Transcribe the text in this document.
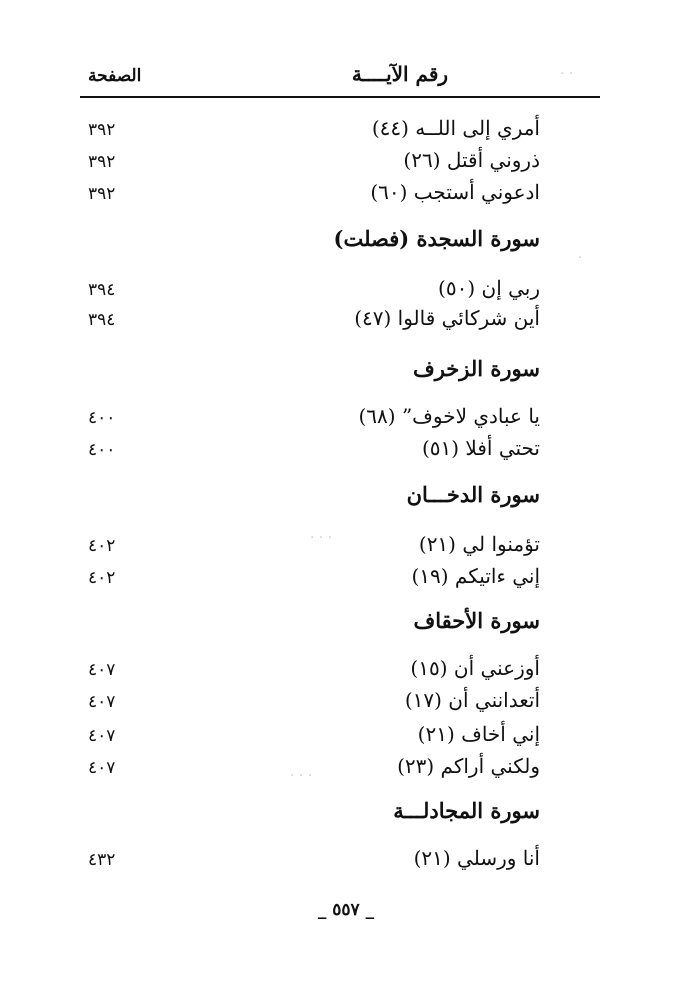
الصفحة	رقم الآيــــة
٣٩٢	أمري إلى اللــه (٤٤)
٣٩٢	ذروني أقتل (٢٦)
٣٩٢	ادعوني أستجب (٦٠)
سورة السجدة (فصلت)
٣٩٤	ربي إن (٥٠)
٣٩٤	أين شركائي قالوا (٤٧)
سورة الزخرف
٤٠٠	يا عبادي لاخوف” (٦٨)
٤٠٠	تحتي أفلا (٥١)
سورة الدخـــان
٤٠٢	تؤمنوا لي (٢١)
٤٠٢	إني ءاتيكم (١٩)
سورة الأحقاف
٤٠٧	أوزعني أن (١٥)
٤٠٧	أتعدانني أن (١٧)
٤٠٧	إني أخاف (٢١)
٤٠٧	ولكني أراكم (٢٣)
سورة المجادلـــة
٤٣٢	أنا ورسلي (٢١)
_ ٥٥٧ _
· ·
·
· · ·
· · ·
